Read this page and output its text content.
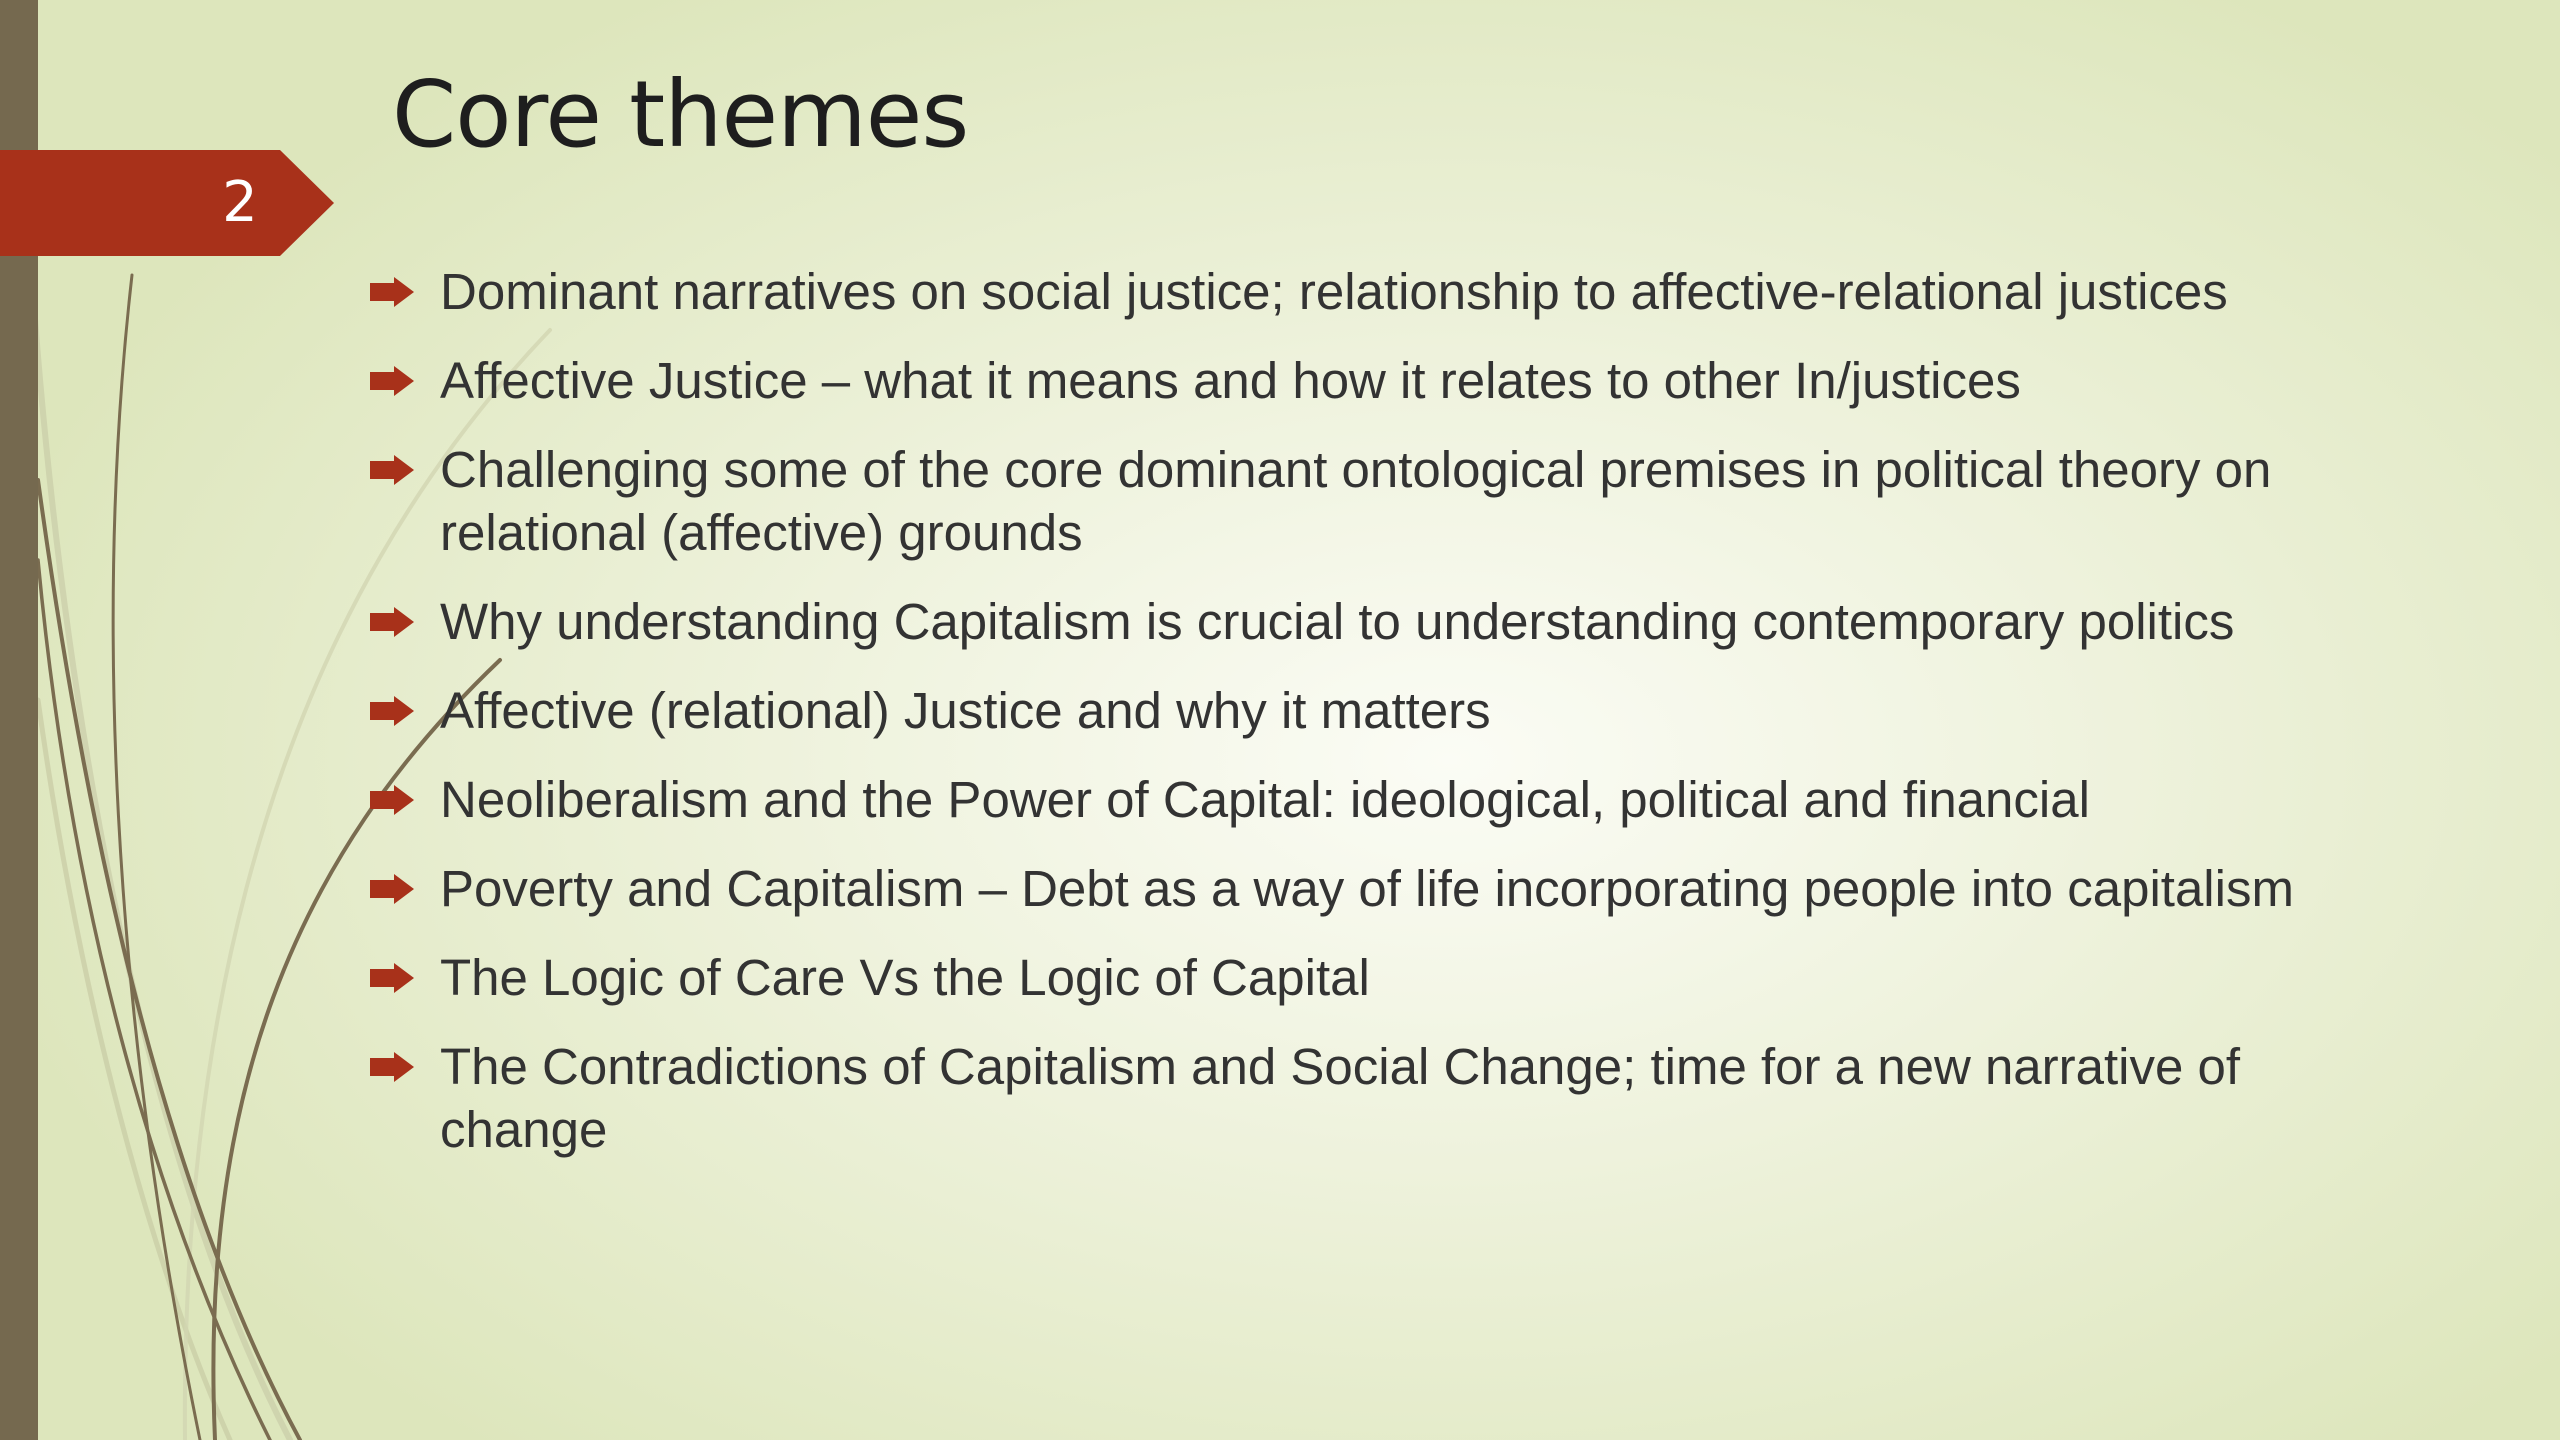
2
Core themes
Dominant narratives on social justice; relationship to affective-relational justices
Affective Justice – what it means and how it relates to other In/justices
Challenging some of the core dominant ontological premises in political theory on relational (affective) grounds
Why understanding Capitalism is crucial to understanding contemporary politics
Affective (relational) Justice and why it matters
Neoliberalism and the Power of Capital: ideological, political and financial
Poverty and Capitalism – Debt as a way of life incorporating people into capitalism
The Logic of Care Vs the Logic of Capital
The Contradictions of Capitalism and Social Change; time for a new narrative of change
